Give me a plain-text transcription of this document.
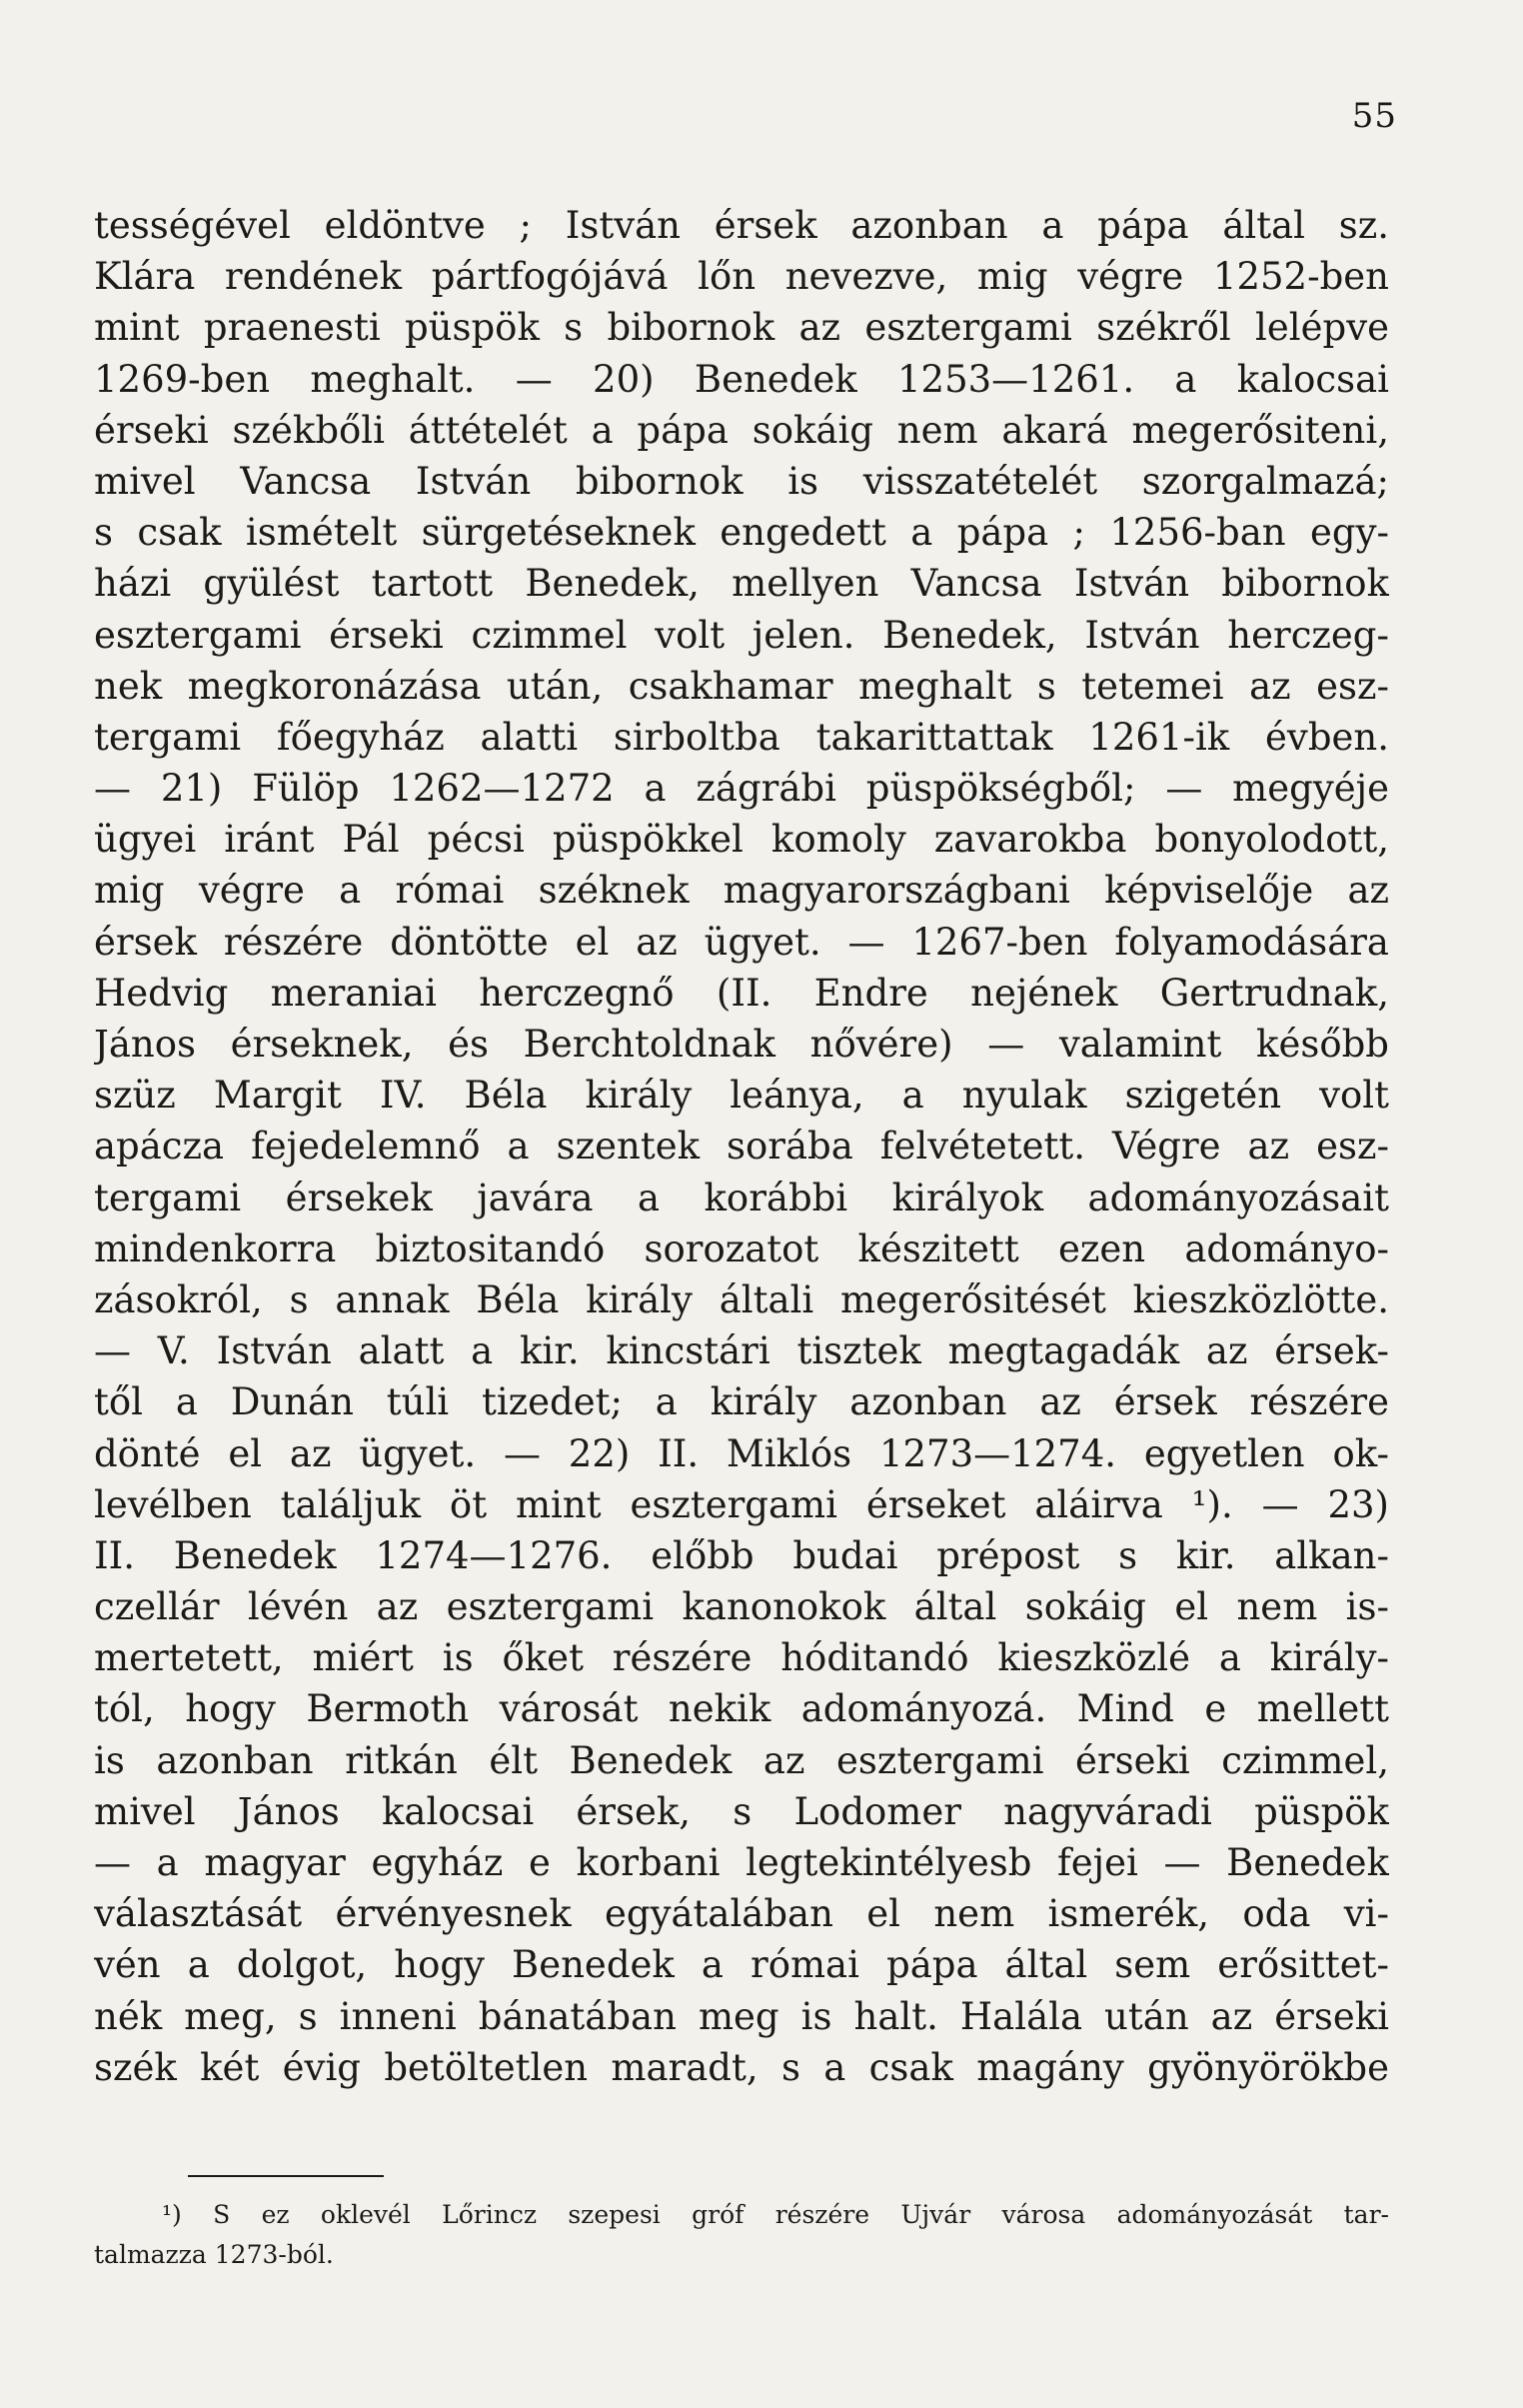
55
tességével eldöntve ; István érsek azonban a pápa által sz.
Klára rendének pártfogójává lőn nevezve, mig végre 1252-ben
mint praenesti püspök s bibornok az esztergami székről lelépve
1269-ben meghalt. — 20) Benedek 1253—1261. a kalocsai
érseki székbőli áttételét a pápa sokáig nem akará megerősiteni,
mivel Vancsa István bibornok is visszatételét szorgalmazá;
s csak ismételt sürgetéseknek engedett a pápa ; 1256-ban egy-
házi gyülést tartott Benedek, mellyen Vancsa István bibornok
esztergami érseki czimmel volt jelen. Benedek, István herczeg-
nek megkoronázása után, csakhamar meghalt s tetemei az esz-
tergami főegyház alatti sirboltba takarittattak 1261-ik évben.
— 21) Fülöp 1262—1272 a zágrábi püspökségből; — megyéje
ügyei iránt Pál pécsi püspökkel komoly zavarokba bonyolodott,
mig végre a római széknek magyarországbani képviselője az
érsek részére döntötte el az ügyet. — 1267-ben folyamodására
Hedvig meraniai herczegnő (II. Endre nejének Gertrudnak,
János érseknek, és Berchtoldnak nővére) — valamint később
szüz Margit IV. Béla király leánya, a nyulak szigetén volt
apácza fejedelemnő a szentek sorába felvétetett. Végre az esz-
tergami érsekek javára a korábbi királyok adományozásait
mindenkorra biztositandó sorozatot készitett ezen adományo-
zásokról, s annak Béla király általi megerősitését kieszközlötte.
— V. István alatt a kir. kincstári tisztek megtagadák az érsek-
től a Dunán túli tizedet; a király azonban az érsek részére
dönté el az ügyet. — 22) II. Miklós 1273—1274. egyetlen ok-
levélben találjuk öt mint esztergami érseket aláirva ¹). — 23)
II. Benedek 1274—1276. előbb budai prépost s kir. alkan-
czellár lévén az esztergami kanonokok által sokáig el nem is-
mertetett, miért is őket részére hóditandó kieszközlé a király-
tól, hogy Bermoth városát nekik adományozá. Mind e mellett
is azonban ritkán élt Benedek az esztergami érseki czimmel,
mivel János kalocsai érsek, s Lodomer nagyváradi püspök
— a magyar egyház e korbani legtekintélyesb fejei — Benedek
választását érvényesnek egyátalában el nem ismerék, oda vi-
vén a dolgot, hogy Benedek a római pápa által sem erősittet-
nék meg, s inneni bánatában meg is halt. Halála után az érseki
szék két évig betöltetlen maradt, s a csak magány gyönyörökbe
¹) S ez oklevél Lőrincz szepesi gróf részére Ujvár városa adományozását tar-
talmazza 1273-ból.
